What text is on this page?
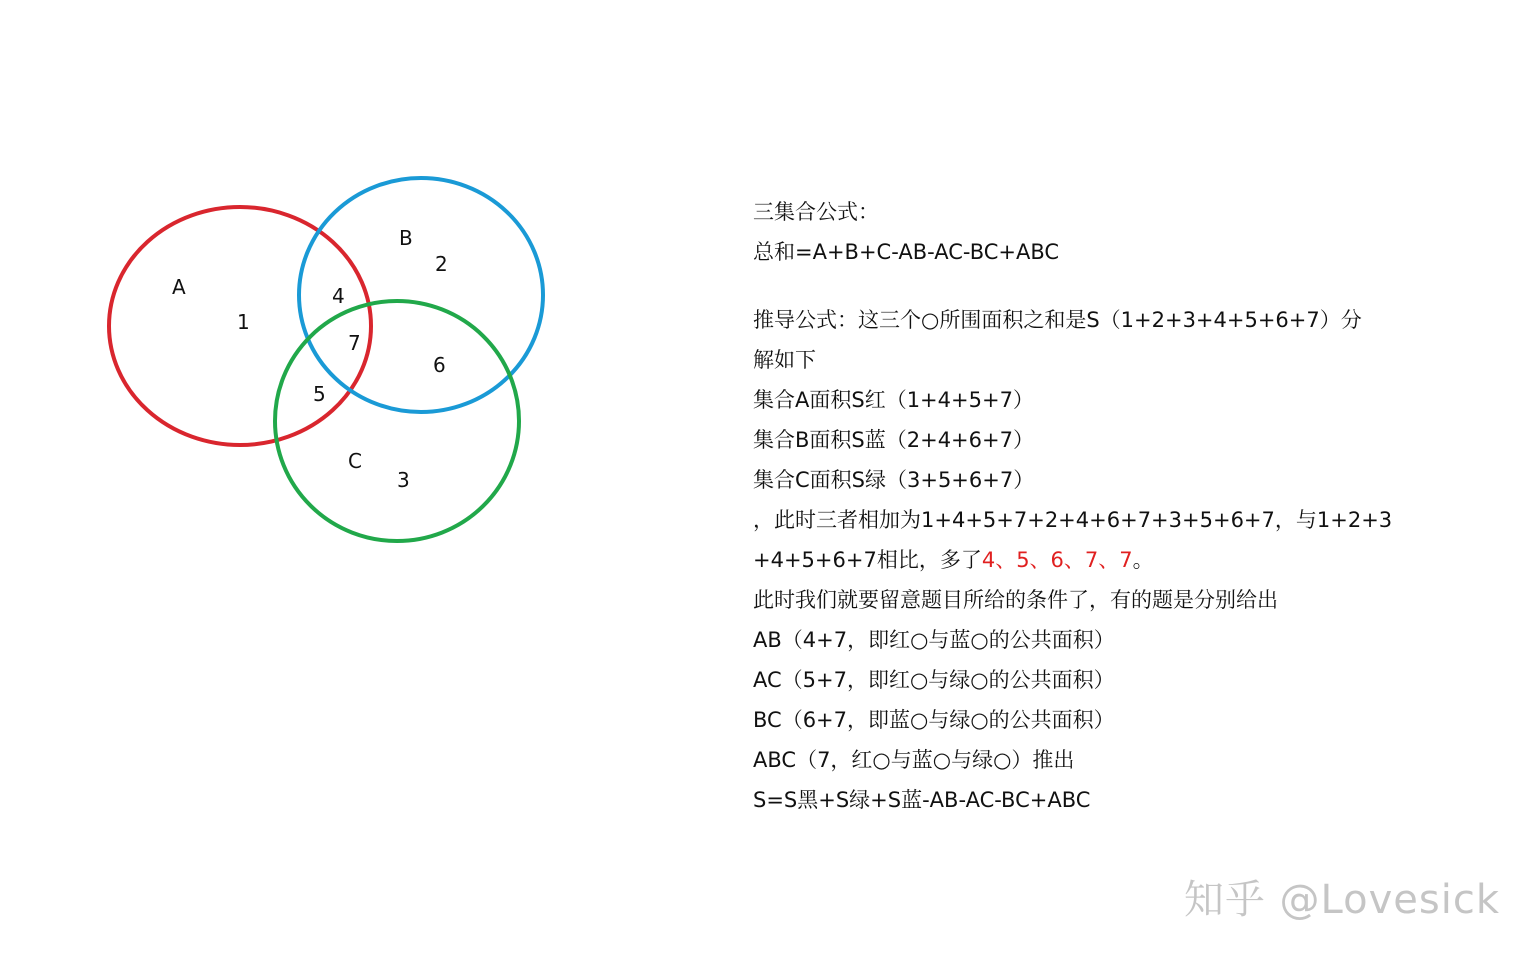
A
B
C
1
2
3
4
5
6
7
三集合公式：
总和=A+B+C-AB-AC-BC+ABC
推导公式：这三个○所围面积之和是S（1+2+3+4+5+6+7）分
解如下
集合A面积S红（1+4+5+7）
集合B面积S蓝（2+4+6+7）
集合C面积S绿（3+5+6+7）
，此时三者相加为1+4+5+7+2+4+6+7+3+5+6+7，与1+2+3
+4+5+6+7相比，多了4、5、6、7、7。
此时我们就要留意题目所给的条件了，有的题是分别给出
AB（4+7，即红○与蓝○的公共面积）
AC（5+7，即红○与绿○的公共面积）
BC（6+7，即蓝○与绿○的公共面积）
ABC（7，红○与蓝○与绿○）推出
S=S黑+S绿+S蓝-AB-AC-BC+ABC
知乎 @Lovesick
